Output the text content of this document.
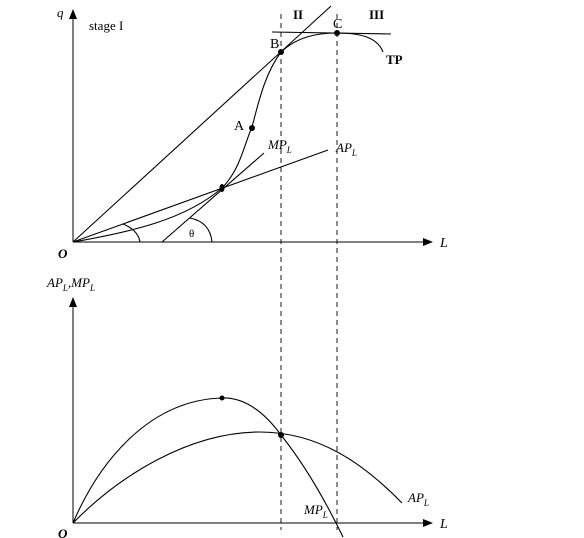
q
L
O
stage I
II	III
θ
A
B
C
TP
$MP_L$	$AP_L$
$AP_L,MP_L$
L
O
$AP_L$
$MP_L$
